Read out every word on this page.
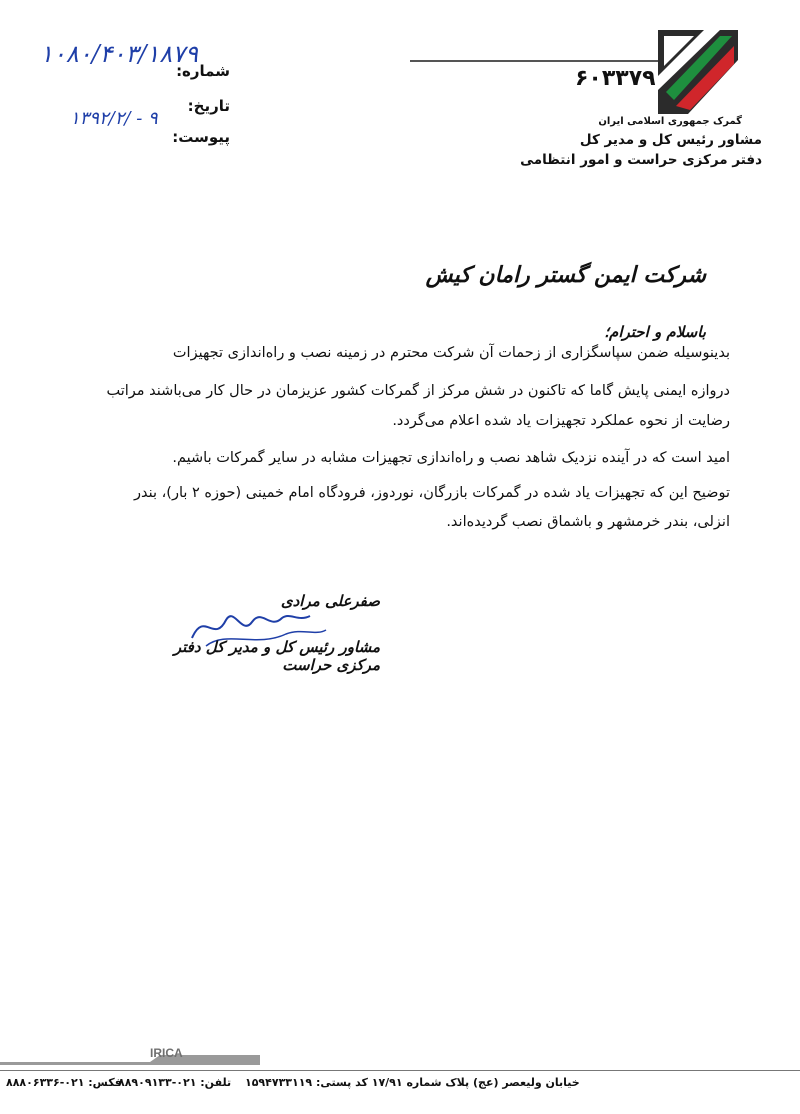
۱۰۸۰/۴۰۳/۱۸۷۹
۱۳۹۲/۲/ - ۹
شماره:
تاریخ:
پیوست:
۶۰۳۳۷۹
گمرک جمهوری اسلامی ایران
مشاور رئیس کل و مدیر کل
دفتر مرکزی حراست و امور انتظامی
شرکت ایمن گستر رامان کیش
باسلام و احترام؛
بدینوسیله ضمن سپاسگزاری از زحمات آن شرکت محترم در زمینه نصب و راه‌اندازی تجهیزات
دروازه ایمنی پایش گاما که تاکنون در شش مرکز از گمرکات کشور عزیزمان در حال کار می‌باشند مراتب
رضایت از نحوه عملکرد تجهیزات یاد شده اعلام می‌گردد.
امید است که در آینده نزدیک شاهد نصب و راه‌اندازی تجهیزات مشابه در سایر گمرکات باشیم.
توضیح این که تجهیزات یاد شده در گمرکات بازرگان، نوردوز، فرودگاه امام خمینی (حوزه ۲ بار)، بندر
انزلی، بندر خرمشهر و باشماق نصب گردیده‌اند.
صفرعلی مرادی
مشاور رئیس کل و مدیر کل دفتر مرکزی حراست
IRICA
خیابان ولیعصر (عج) پلاک شماره ۱۷/۹۱ کد پستی: ۱۵۹۴۷۳۳۱۱۹
تلفن: ۰۲۱-۸۸۹۰۹۱۳۳
فکس: ۰۲۱-۸۸۸۰۶۳۳۶
